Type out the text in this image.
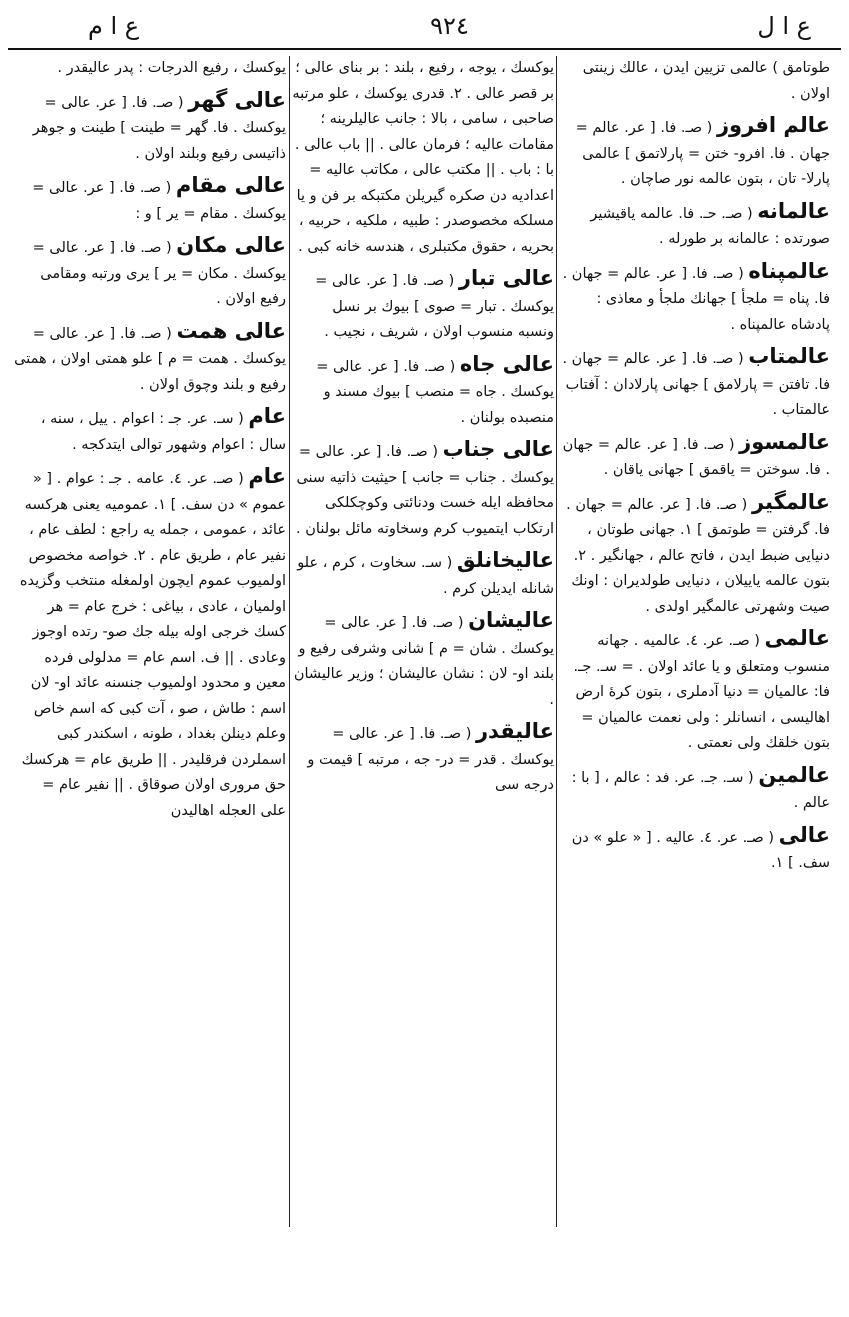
ع ا م	٩٢٤	ع ا ل
طوتامق ) عالمی تزیین ایدن ، عالك زینتی اولان .
عالم افروز ( صـ. فا. [ عر. عالم = جهان . فا. افرو- ختن = پارلاتمق ] عالمی پارلا- تان ، بتون عالمه نور صاچان .
عالمانه ( صـ. حـ. فا. عالمه یاقیشیر صورتده : عالمانه بر طورله .
عالمپناه ( صـ. فا. [ عر. عالم = جهان . فا. پناه = ملجأ ] جهانك ملجأ و معاذی : پادشاه عالمپناه .
عالمتاب ( صـ. فا. [ عر. عالم = جهان . فا. تافتن = پارلامق ] جهانی پارلادان : آفتاب عالمتاب .
عالمسوز ( صـ. فا. [ عر. عالم = جهان . فا. سوختن = یاقمق ] جهانی یاقان .
عالمگیر ( صـ. فا. [ عر. عالم = جهان . فا. گرفتن = طوتمق ] ١. جهانی طوتان ، دنیایی ضبط ایدن ، فاتح عالم ، جهانگیر . ٢. بتون عالمه یاییلان ، دنیایی طولدیران : اونك صیت وشهرتی عالمگیر اولدی .
عالمی ( صـ. عر. ٤. عالمیه . جهانه منسوب ومتعلق و یا عائد اولان . = سـ. جـ. فا: عالمیان = دنیا آدملری ، بتون کرهٔ ارض اهالیسی ، انسانلر : ولی نعمت عالمیان = بتون خلقك ولی نعمتی .
عالمین ( سـ. جـ. عر. فد : عالم ، [ با : عالم .
عالی ( صـ. عر. ٤. عالیه . [ « علو » دن سف. ] ١.
یوکسك ، یوجه ، رفیع ، بلند : بر بنای عالی ؛ بر قصر عالی . ٢. قدری یوکسك ، علو مرتبه صاحبی ، سامی ، بالا : جانب عالیلرینه ؛ مقامات عالیه ؛ فرمان عالی . || باب عالی . با : باب . || مکتب عالی ، مکاتب عالیه = اعدادیه دن صکره گیریلن مکتبکه بر فن و یا مسلکه مخصوصدر : طبیه ، ملکیه ، حربیه ، بحریه ، حقوق مکتبلری ، هندسه خانه کبی .
عالی تبار ( صـ. فا. [ عر. عالی = یوکسك . تبار = صوی ] بیوك بر نسل ونسبه منسوب اولان ، شریف ، نجیب .
عالی جاه ( صـ. فا. [ عر. عالی = یوکسك . جاه = منصب ] بیوك مسند و منصبده بولنان .
عالی جناب ( صـ. فا. [ عر. عالی = یوکسك . جناب = جانب ] حیثیت ذاتیه سنی محافظه ایله خست ودنائتی وکوچکلکی ارتکاب ایتمیوب کرم وسخاوته مائل بولنان .
عالیخانلق ( سـ. سخاوت ، کرم ، علو شانله ایدیلن کرم .
عالیشان ( صـ. فا. [ عر. عالی = یوکسك . شان = م ] شانی وشرفی رفیع و بلند او- لان : نشان عالیشان ؛ وزیر عالیشان .
عالیقدر ( صـ. فا. [ عر. عالی = یوکسك . قدر = در- جه ، مرتبه ] قیمت و درجه سی
یوکسك ، رفیع الدرجات : پدر عالیقدر .
عالی گهر ( صـ. فا. [ عر. عالی = یوکسك . فا. گهر = طینت ] طینت و جوهر ذاتیسی رفیع وبلند اولان .
عالی مقام ( صـ. فا. [ عر. عالی = یوکسك . مقام = یر ] و :
عالی مکان ( صـ. فا. [ عر. عالی = یوکسك . مکان = یر ] یری ورتبه ومقامی رفیع اولان .
عالی همت ( صـ. فا. [ عر. عالی = یوکسك . همت = م ] علو همتی اولان ، همتی رفیع و بلند وچوق اولان .
عام ( سـ. عر. جـ : اعوام . ییل ، سنه ، سال : اعوام وشهور توالی ایتدکجه .
عام ( صـ. عر. ٤. عامه . جـ : عوام . [ « عموم » دن سف. ] ١. عمومیه یعنی هرکسه عائد ، عمومی ، جمله یه راجع : لطف عام ، نفیر عام ، طریق عام . ٢. خواصه مخصوص اولمیوب عموم ایچون اولمغله منتخب وگزیده اولمیان ، عادی ، بیاغی : خرج عام = هر کسك خرجی اوله بیله جك صو- رتده اوجوز وعادی . || ف. اسم عام = مدلولی فرده معین و محدود اولمیوب جنسنه عائد او- لان اسم : طاش ، صو ، آت کبی که اسم خاص وعلم دینلن بغداد ، طونه ، اسکندر کبی اسملردن فرقلیدر . || طریق عام = هرکسك حق مروری اولان صوقاق . || نفیر عام = علی العجله اهالیدن
